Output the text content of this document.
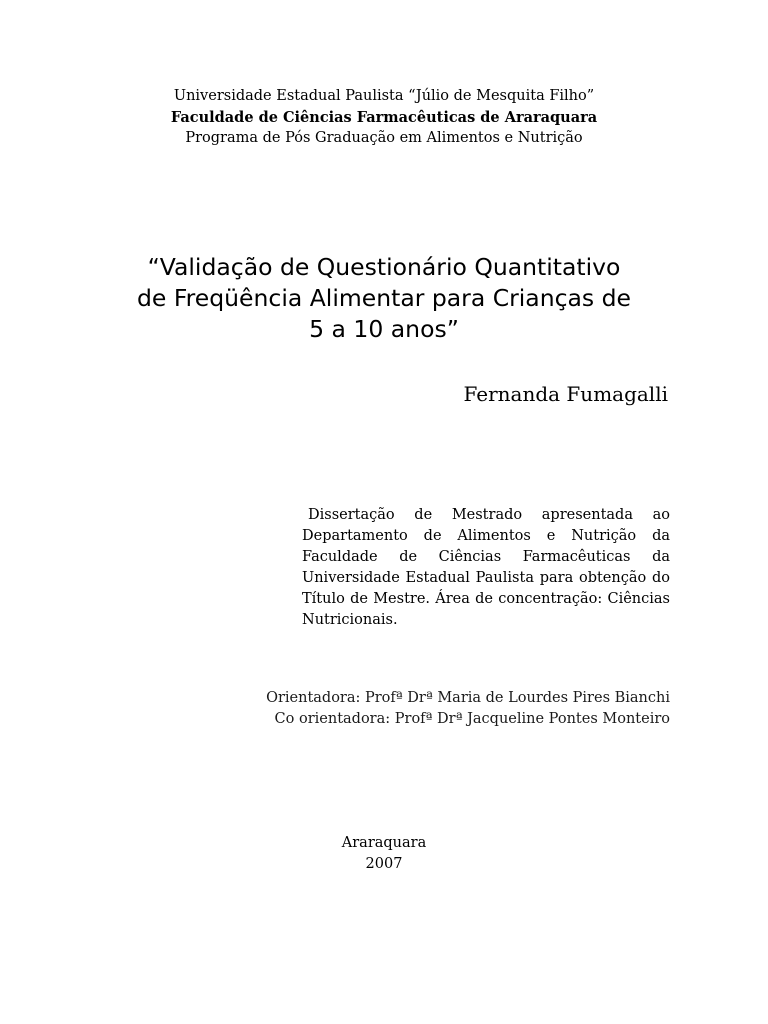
Universidade Estadual Paulista “Júlio de Mesquita Filho”
Faculdade de Ciências Farmacêuticas de Araraquara
Programa de Pós Graduação em Alimentos e Nutrição
“Validação de Questionário Quantitativo
de Freqüência Alimentar para Crianças de
5 a 10 anos”
Fernanda Fumagalli
Dissertação de Mestrado apresentada ao Departamento de Alimentos e Nutrição da Faculdade de Ciências Farmacêuticas da Universidade Estadual Paulista para obtenção do Título de Mestre. Área de concentração: Ciências Nutricionais.
Orientadora: Profª Drª Maria de Lourdes Pires Bianchi
Co orientadora: Profª Drª Jacqueline Pontes Monteiro
Araraquara
2007
